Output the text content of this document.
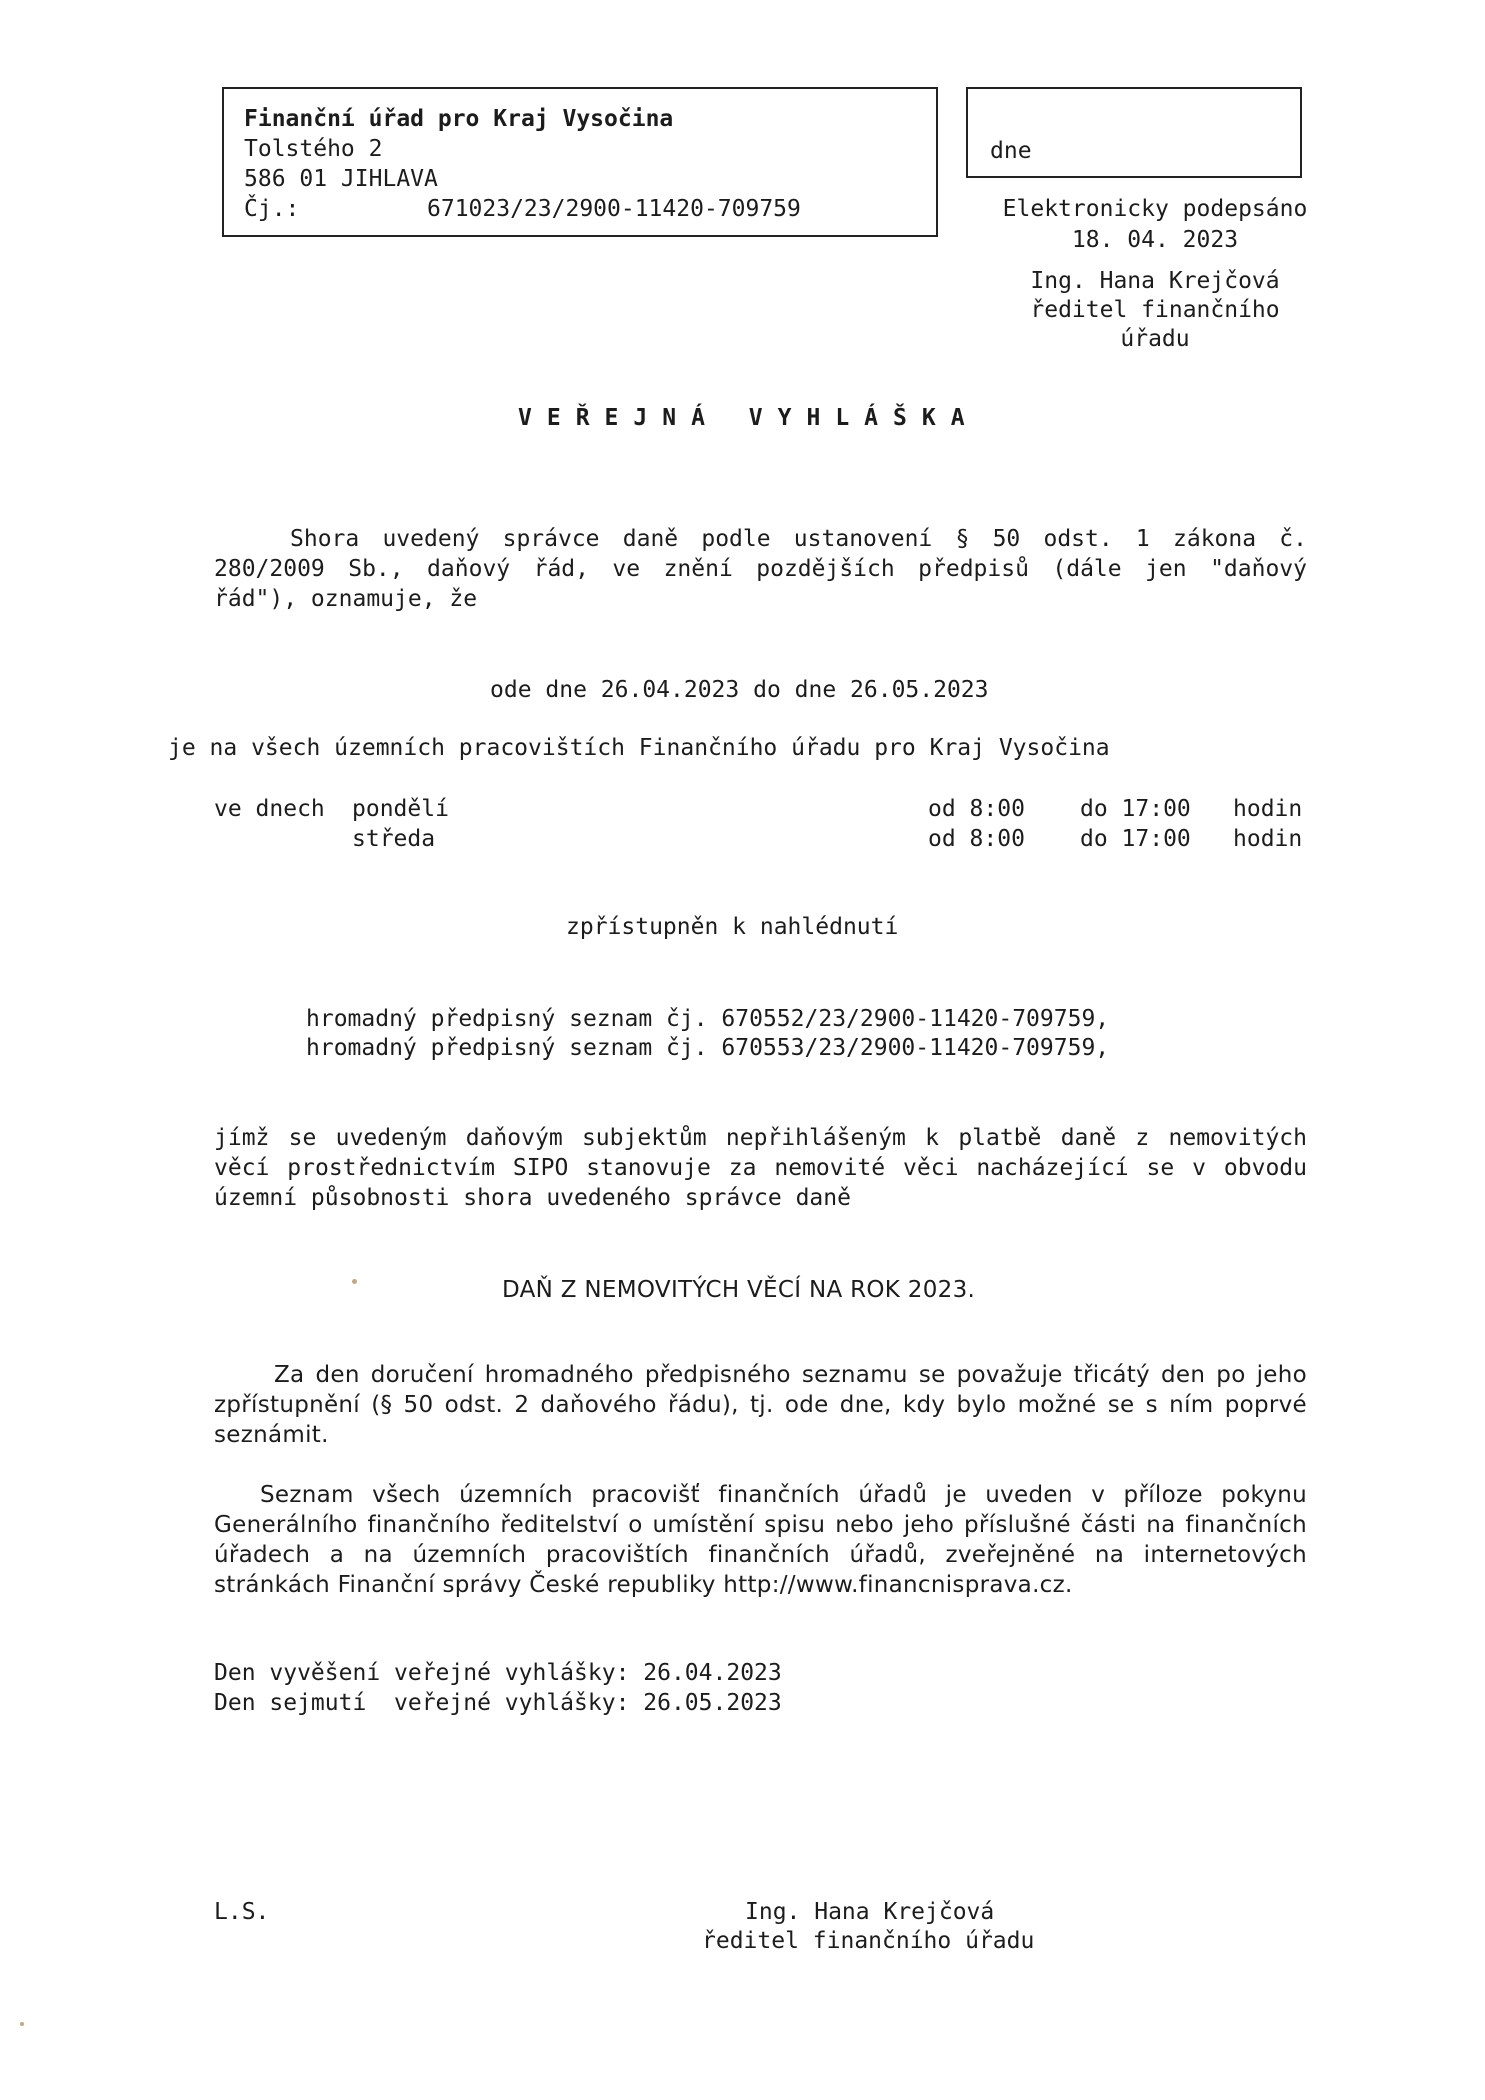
Finanční úřad pro Kraj Vysočina
Tolstého 2
586 01 JIHLAVA
Čj.:	671023/23/2900-11420-709759
dne
Elektronicky podepsáno
18. 04. 2023
Ing. Hana Krejčová
ředitel finančního
úřadu
VEŘEJNÁ VYHLÁŠKA
Shora uvedený správce daně podle ustanovení § 50 odst. 1 zákona č. 280/2009 Sb., daňový řád, ve znění pozdějších předpisů (dále jen "daňový řád"), oznamuje, že
ode dne 26.04.2023 do dne 26.05.2023
je na všech územních pracovištích Finančního úřadu pro Kraj Vysočina
ve dnech pondělí	od 8:00 do 17:00 hodin
středa	od 8:00 do 17:00 hodin
zpřístupněn k nahlédnutí
hromadný předpisný seznam čj. 670552/23/2900-11420-709759,
hromadný předpisný seznam čj. 670553/23/2900-11420-709759,
jímž se uvedeným daňovým subjektům nepřihlášeným k platbě daně z nemovitých věcí prostřednictvím SIPO stanovuje za nemovité věci nacházející se v obvodu územní působnosti shora uvedeného správce daně
DAŇ Z NEMOVITÝCH VĚCÍ NA ROK 2023.
Za den doručení hromadného předpisného seznamu se považuje třicátý den po jeho zpřístupnění (§ 50 odst. 2 daňového řádu), tj. ode dne, kdy bylo možné se s ním poprvé seznámit.
Seznam všech územních pracovišť finančních úřadů je uveden v příloze pokynu Generálního finančního ředitelství o umístění spisu nebo jeho příslušné části na finančních úřadech a na územních pracovištích finančních úřadů, zveřejněné na internetových stránkách Finanční správy České republiky http://www.financnisprava.cz.
Den vyvěšení veřejné vyhlášky: 26.04.2023
Den sejmutí  veřejné vyhlášky: 26.05.2023
L.S.	Ing. Hana Krejčová
ředitel finančního úřadu
